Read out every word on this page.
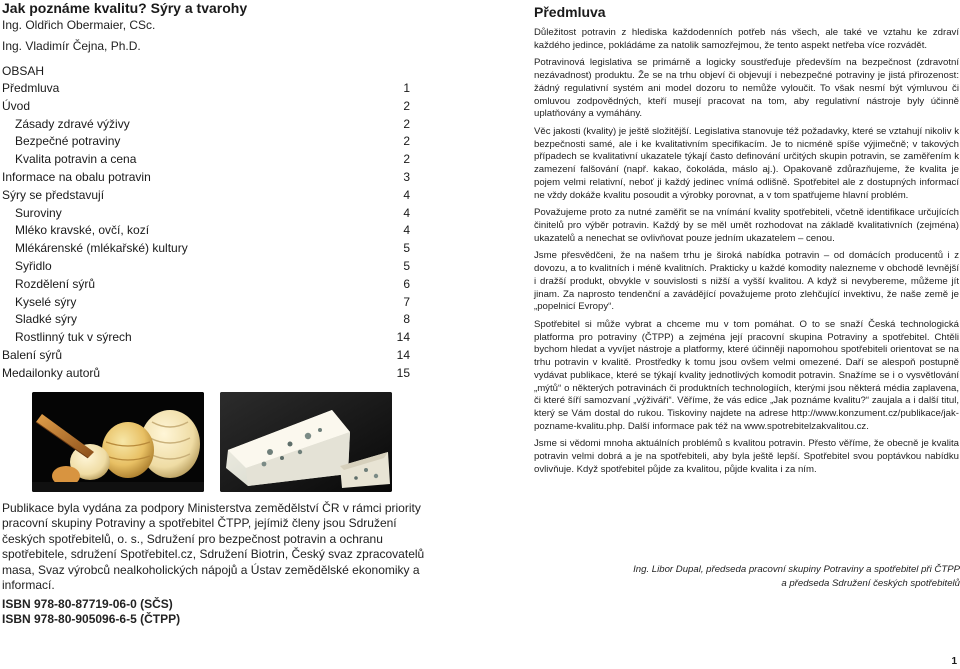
Jak poznáme kvalitu? Sýry a tvarohy
Ing. Oldřich Obermaier, CSc.
Ing. Vladimír Čejna, Ph.D.
OBSAH
Předmluva	1
Úvod	2
Zásady zdravé výživy	2
Bezpečné potraviny	2
Kvalita potravin a cena	2
Informace na obalu potravin	3
Sýry se představují	4
Suroviny	4
Mléko kravské, ovčí, kozí	4
Mlékárenské (mlékařské) kultury	5
Syřidlo	5
Rozdělení sýrů	6
Kyselé sýry	7
Sladké sýry	8
Rostlinný tuk v sýrech	14
Balení sýrů	14
Medailonky autorů	15
Publikace byla vydána za podpory Ministerstva zemědělství ČR v rámci priority pracovní skupiny Potraviny a spotřebitel ČTPP, jejímiž členy jsou Sdružení českých spotřebitelů, o. s., Sdružení pro bezpečnost potravin a ochranu spotřebitele, sdružení Spotřebitel.cz, Sdružení Biotrin, Český svaz zpracovatelů masa, Svaz výrobců nealkoholických nápojů a Ústav zemědělské ekonomiky a informací.
ISBN 978-80-87719-06-0 (SČS)
ISBN 978-80-905096-6-5 (ČTPP)
Předmluva

Důležitost potravin z hlediska každodenních potřeb nás všech, ale také ve vztahu ke zdraví každého jedince, pokládáme za natolik samozřejmou, že tento aspekt netřeba více rozvádět.

Potravinová legislativa se primárně a logicky soustřeďuje především na bezpečnost (zdravotní nezávadnost) produktu. Že se na trhu objeví či objevují i nebezpečné potraviny je jistá přirozenost: žádný regulativní systém ani model dozoru to nemůže vyloučit. To však nesmí být výmluvou či omluvou zodpovědných, kteří musejí pracovat na tom, aby regulativní nástroje byly účinně uplatňovány a vymáhány.

Věc jakosti (kvality) je ještě složitější. Legislativa stanovuje též požadavky, které se vztahují nikoliv k bezpečnosti samé, ale i ke kvalitativním specifikacím. Je to nicméně spíše výjimečně; v takových případech se kvalitativní ukazatele týkají často definování určitých skupin potravin, se zaměřením k zamezení falšování (např. kakao, čokoláda, máslo aj.). Opakovaně zdůrazňujeme, že kvalita je pojem velmi relativní, neboť ji každý jedinec vnímá odlišně. Spotřebitel ale z dostupných informací ne vždy dokáže kvalitu posoudit a výrobky porovnat, a v tom spatřujeme hlavní problém.

Považujeme proto za nutné zaměřit se na vnímání kvality spotřebiteli, včetně identifikace určujících činitelů pro výběr potravin. Každý by se měl umět rozhodovat na základě kvalitativních (zejména) ukazatelů a nenechat se ovlivňovat pouze jedním ukazatelem – cenou.

Jsme přesvědčeni, že na našem trhu je široká nabídka potravin – od domácích producentů i z dovozu, a to kvalitních i méně kvalitních. Prakticky u každé komodity nalezneme v obchodě levnější i dražší produkt, obvykle v souvislosti s nižší a vyšší kvalitou. A když si nevybereme, můžeme jít jinam. Za naprosto tendenční a zavádějící považujeme proto zlehčující invektivu, že naše země je „popelnicí Evropy“.

Spotřebitel si může vybrat a chceme mu v tom pomáhat. O to se snaží Česká technologická platforma pro potraviny (ČTPP) a zejména její pracovní skupina Potraviny a spotřebitel. Chtěli bychom hledat a vyvíjet nástroje a platformy, které účinněji napomohou spotřebiteli orientovat se na trhu potravin v kvalitě. Prostředky k tomu jsou ovšem velmi omezené. Daří se alespoň postupně vydávat publikace, které se týkají kvality jednotlivých komodit potravin. Snažíme se i o vysvětlování „mýtů“ o některých potravinách či produktních technologiích, kterými jsou některá média zaplavena, či které šíří samozvaní „výživáři“. Věříme, že vás edice „Jak poznáme kvalitu?“ zaujala a i další titul, který se Vám dostal do rukou. Tiskoviny najdete na adrese http://www.konzument.cz/publikace/jak-pozname-kvalitu.php. Další informace pak též na www.spotrebitelzakvalitou.cz.

Jsme si vědomi mnoha aktuálních problémů s kvalitou potravin. Přesto věříme, že obecně je kvalita potravin velmi dobrá a je na spotřebiteli, aby byla ještě lepší. Spotřebitel svou poptávkou nabídku ovlivňuje. Když spotřebitel půjde za kvalitou, půjde kvalita i za ním.

Ing. Libor Dupal, předseda pracovní skupiny Potraviny a spotřebitel při ČTPP
a předseda Sdružení českých spotřebitelů
1
